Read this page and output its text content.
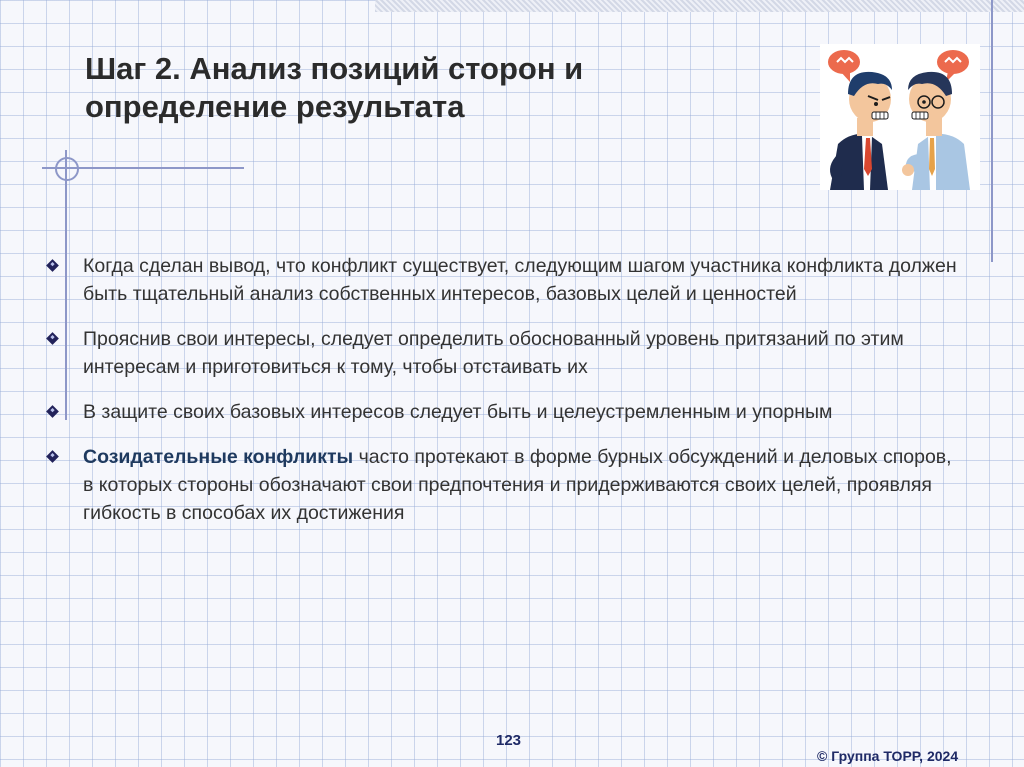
Шаг 2. Анализ позиций сторон и определение результата
Когда сделан вывод, что конфликт существует, следующим шагом участника конфликта должен быть тщательный анализ собственных интересов, базовых целей и ценностей
Прояснив свои интересы, следует определить обоснованный уровень притязаний по этим интересам и приготовиться к тому, чтобы отстаивать их
В защите своих базовых интересов следует быть и целеустремленным и упорным
Созидательные конфликты часто протекают в форме бурных обсуждений и деловых споров, в которых стороны обозначают свои предпочтения и придерживаются своих целей, проявляя гибкость в способах их достижения
123
© Группа ТОРР, 2024
